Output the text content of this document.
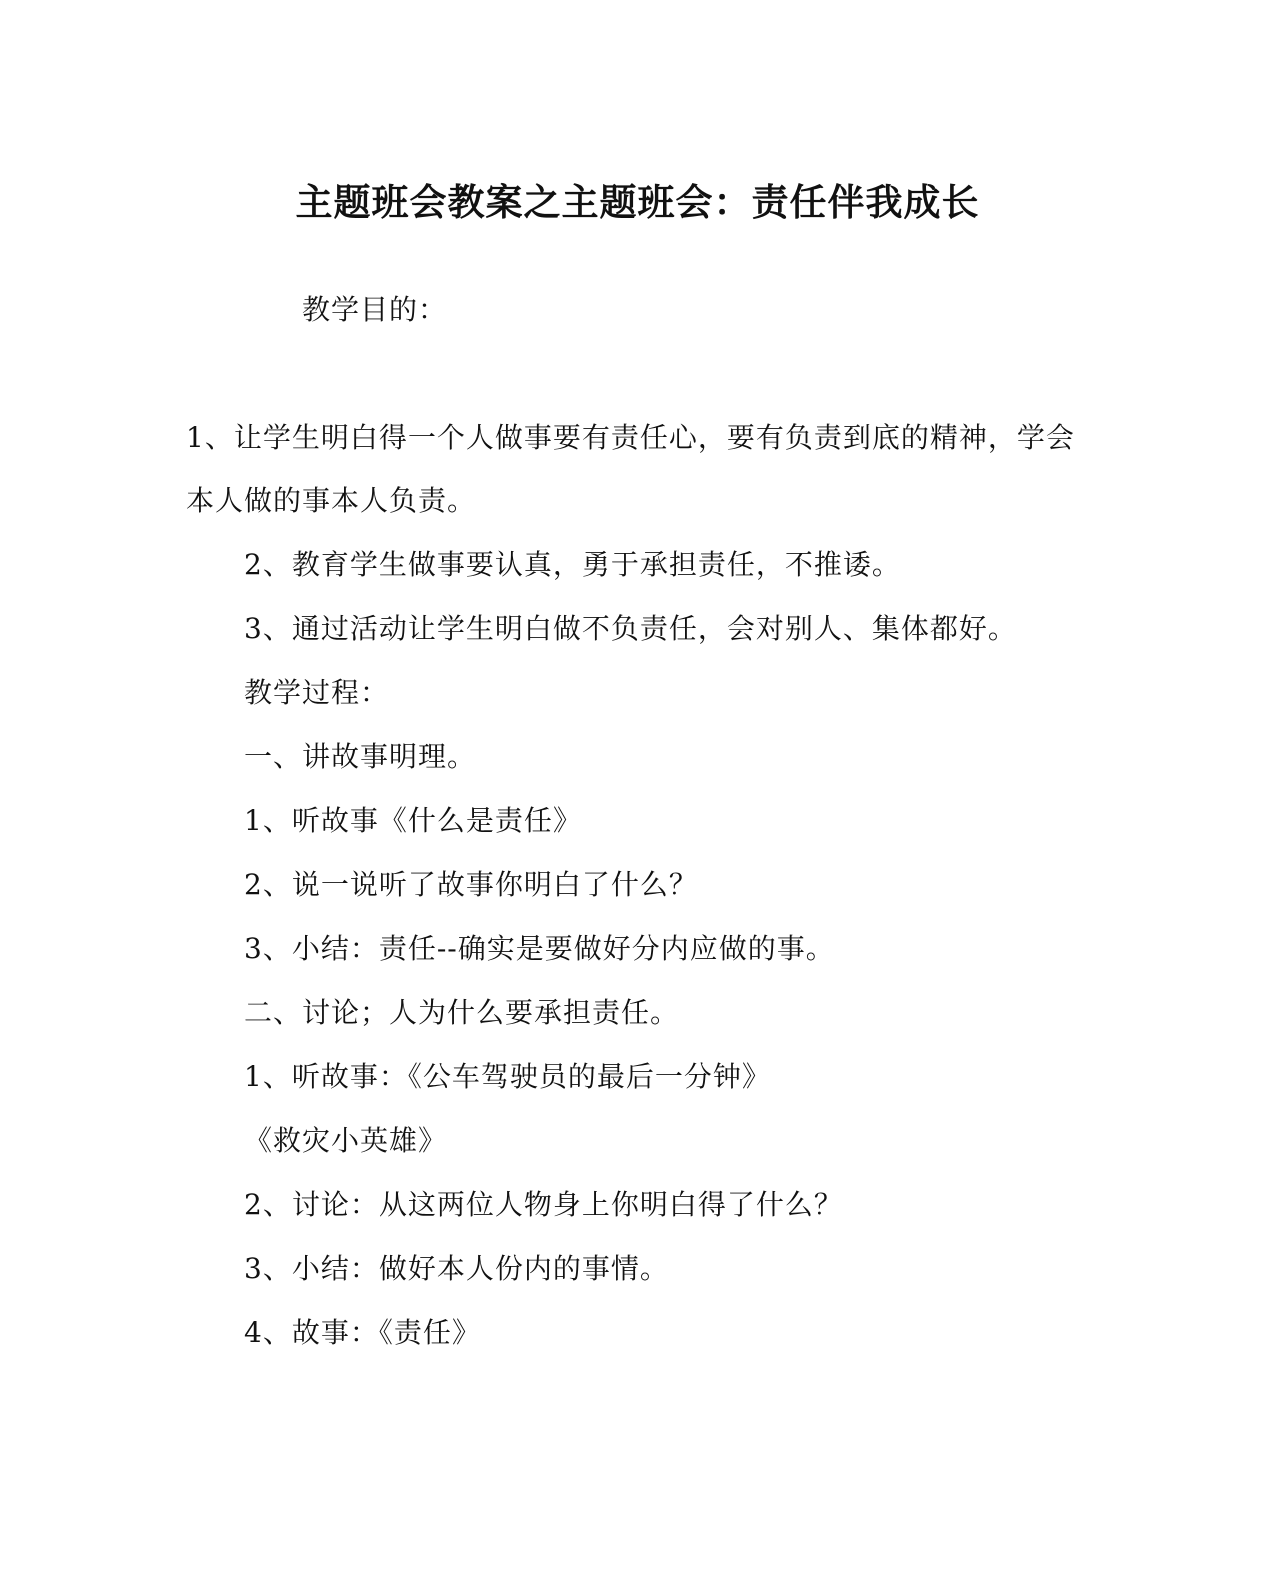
主题班会教案之主题班会：责任伴我成长
教学目的：
1、让学生明白得一个人做事要有责任心，要有负责到底的精神，学会
本人做的事本人负责。
2、教育学生做事要认真，勇于承担责任，不推诿。
3、通过活动让学生明白做不负责任，会对别人、集体都好。
教学过程：
一、讲故事明理。
1、听故事《什么是责任》
2、说一说听了故事你明白了什么？
3、小结：责任--确实是要做好分内应做的事。
二、讨论；人为什么要承担责任。
1、听故事：《公车驾驶员的最后一分钟》
《救灾小英雄》
2、讨论：从这两位人物身上你明白得了什么？
3、小结：做好本人份内的事情。
4、故事：《责任》
